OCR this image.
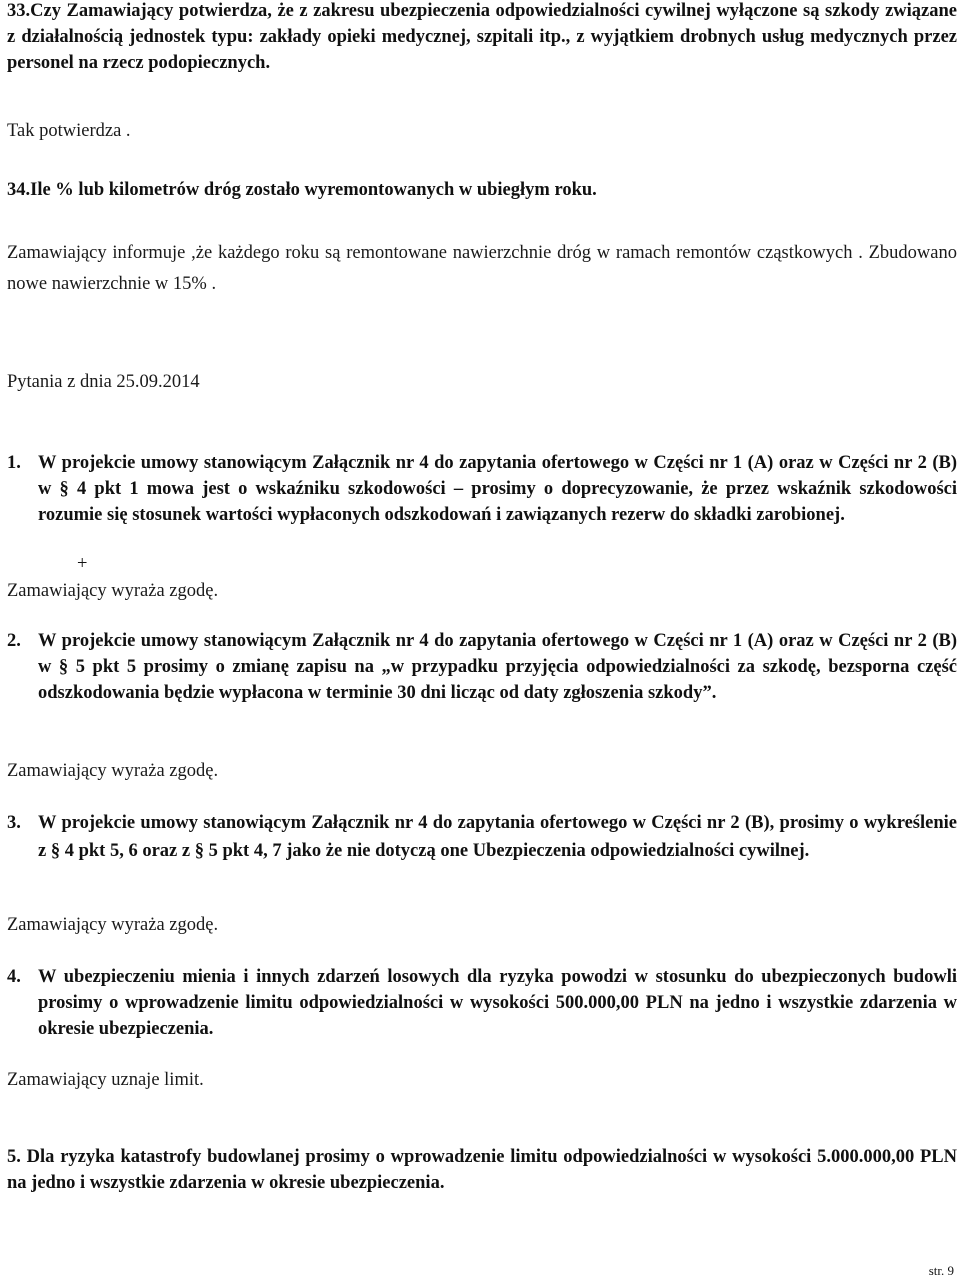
33.Czy Zamawiający potwierdza, że z zakresu ubezpieczenia odpowiedzialności cywilnej wyłączone są szkody związane z działalnością jednostek typu: zakłady opieki medycznej, szpitali itp., z wyjątkiem drobnych usług medycznych przez personel na rzecz podopiecznych.
Tak potwierdza .
34. Ile % lub kilometrów dróg zostało wyremontowanych w ubiegłym roku.
Zamawiający informuje ,że każdego roku są remontowane nawierzchnie dróg w ramach remontów cząstkowych . Zbudowano nowe nawierzchnie w 15% .
Pytania z dnia 25.09.2014
1. W projekcie umowy stanowiącym Załącznik nr 4 do zapytania ofertowego w Części nr 1 (A) oraz w Części nr 2 (B) w § 4 pkt 1 mowa jest o wskaźniku szkodowości – prosimy o doprecyzowanie, że przez wskaźnik szkodowości rozumie się stosunek wartości wypłaconych odszkodowań i zawiązanych rezerw do składki zarobionej.
+
Zamawiający wyraża zgodę.
2. W projekcie umowy stanowiącym Załącznik nr 4 do zapytania ofertowego w Części nr 1 (A) oraz w Części nr 2 (B) w § 5 pkt 5 prosimy o zmianę zapisu na „w przypadku przyjęcia odpowiedzialności za szkodę, bezsporna część odszkodowania będzie wypłacona w terminie 30 dni licząc od daty zgłoszenia szkody”.
Zamawiający wyraża zgodę.
3. W projekcie umowy stanowiącym Załącznik nr 4 do zapytania ofertowego w Części nr 2 (B), prosimy o wykreślenie z § 4 pkt 5, 6 oraz z § 5 pkt 4, 7 jako że nie dotyczą one Ubezpieczenia odpowiedzialności cywilnej.
Zamawiający wyraża zgodę.
4. W ubezpieczeniu mienia i innych zdarzeń losowych dla ryzyka powodzi w stosunku do ubezpieczonych budowli prosimy o wprowadzenie limitu odpowiedzialności w wysokości 500.000,00 PLN na jedno i wszystkie zdarzenia w okresie ubezpieczenia.
Zamawiający uznaje limit.
5. Dla ryzyka katastrofy budowlanej prosimy o wprowadzenie limitu odpowiedzialności w wysokości 5.000.000,00 PLN na jedno i wszystkie zdarzenia w okresie ubezpieczenia.
str. 9
